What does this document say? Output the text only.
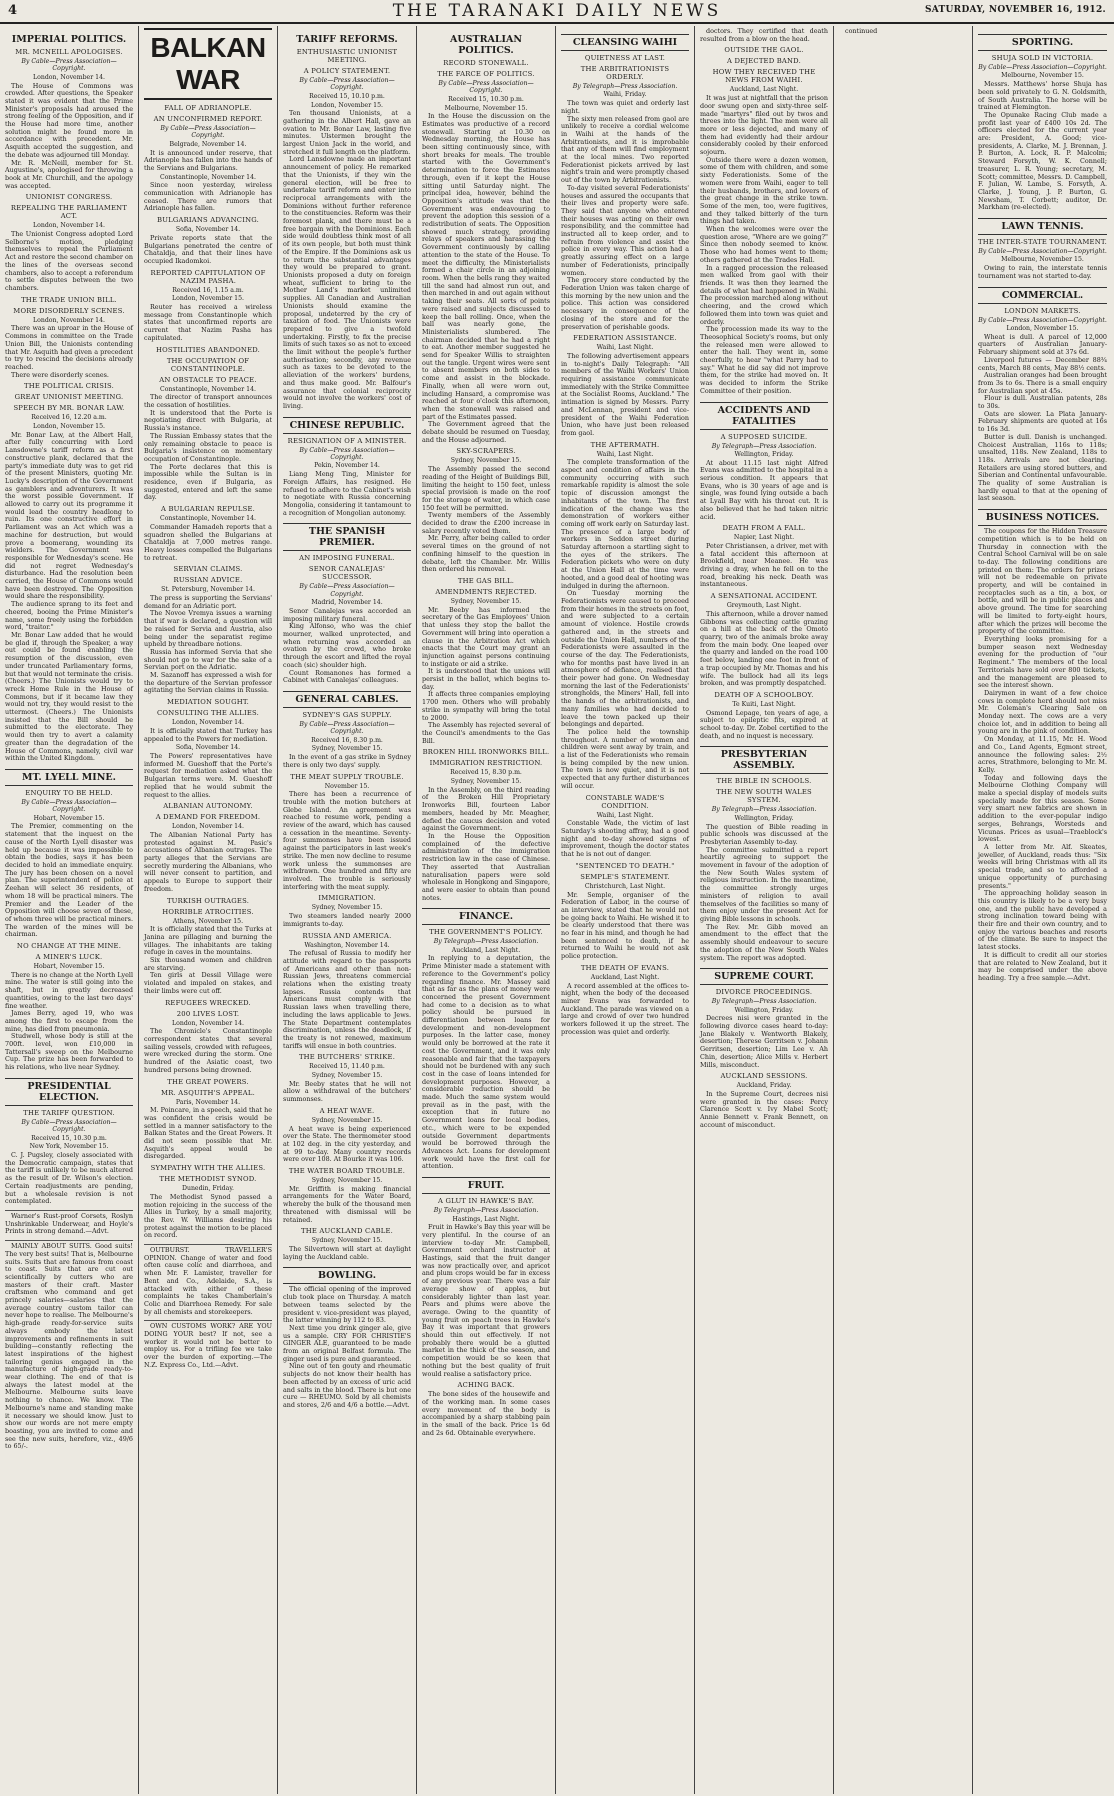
4	THE TARANAKI DAILY NEWS	SATURDAY, NOVEMBER 16, 1912.
IMPERIAL POLITICS.
MR. MCNEILL APOLOGISES.
By Cable—Press Association—Copyright.
London, November 14.
The House of Commons was crowded. After questions, the Speaker stated it was evident that the Prime Minister's proposals had aroused the strong feeling of the Opposition, and if the House had more time, another solution might be found more in accordance with precedent. Mr. Asquith accepted the suggestion, and the debate was adjourned till Monday.
Mr. R. McNeill, member for St. Augustine's, apologised for throwing a book at Mr. Churchill, and the apology was accepted.
UNIONIST CONGRESS.
REPEALING THE PARLIAMENT ACT.
London, November 14.
The Unionist Congress adopted Lord Selborne's motion, pledging themselves to repeal the Parliament Act and restore the second chamber on the lines of the overseas second chambers, also to accept a referendum to settle disputes between the two chambers.
THE TRADE UNION BILL.
MORE DISORDERLY SCENES.
London, November 14.
There was an uproar in the House of Commons in committee on the Trade Union Bill, the Unionists contending that Mr. Asquith had given a precedent to try to rescind the decisions already reached.
There were disorderly scenes.
THE POLITICAL CRISIS.
GREAT UNIONIST MEETING.
SPEECH BY MR. BONAR LAW.
Received 16, 12.20 a.m.
London, November 15.
Mr. Bonar Law, at the Albert Hall, after fully concurring with Lord Lansdowne's tariff reform as a first constructive plank, declared that the party's immediate duty was to get rid of the present Ministers, quoting Mr. Lucky's description of the Government as gamblers and adventurers. It was the worst possible Government. If allowed to carry out its programme it would lead the country headlong to ruin. Its one constructive effort in Parliament was an Act which was a machine for destruction, but would prove a boomerang, wounding its wielders. The Government was responsible for Wednesday's scene. He did not regret Wednesday's disturbance. Had the resolution been carried, the House of Commons would have been destroyed. The Opposition would share the responsibility.
The audience sprang to its feet and cheered, booing the Prime Minister's name, some freely using the forbidden word, "traitor."
Mr. Bonar Law added that he would be glad if, through the Speaker, a way out could be found enabling the resumption of the discussion, even under truncated Parliamentary forms, but that would not terminate the crisis. (Cheers.) The Unionists would try to wreck Home Rule in the House of Commons, but if it became law they would not try, they would resist to the uttermost. (Cheers.) The Unionists insisted that the Bill should be submitted to the electorate. They would then try to avert a calamity greater than the degradation of the House of Commons, namely, civil war within the United Kingdom.
MT. LYELL MINE.
ENQUIRY TO BE HELD.
By Cable—Press Association—Copyright.
Hobart, November 15.
The Premier, commenting on the statement that the inquest on the cause of the North Lyell disaster was held up because it was impossible to obtain the bodies, says it has been decided to hold an immediate enquiry. The jury has been chosen on a novel plan. The superintendent of police at Zeehan will select 36 residents, of whom 18 will be practical miners. The Premier and the Leader of the Opposition will choose seven of these, of whom three will be practical miners. The warden of the mines will be chairman.
NO CHANGE AT THE MINE.
A MINER'S LUCK.
Hobart, November 15.
There is no change at the North Lyell mine. The water is still going into the shaft, but in greatly decreased quantities, owing to the last two days' fine weather.
James Berry, aged 19, who was among the first to escape from the mine, has died from pneumonia.
Studwell, whose body is still at the 700ft. level, won £10,000 in Tattersall's sweep on the Melbourne Cup. The prize has been forwarded to his relations, who live near Sydney.
PRESIDENTIAL ELECTION.
THE TARIFF QUESTION.
By Cable—Press Association—Copyright.
Received 15, 10.30 p.m.
New York, November 15.
C. J. Pugsley, closely associated with the Democratic campaign, states that the tariff is unlikely to be much altered as the result of Dr. Wilson's election. Certain readjustments are pending, but a wholesale revision is not contemplated.
Warner's Rust-proof Corsets, Roslyn Unshrinkable Underwear, and Hoyle's Prints in strong demand.—Advt.
MAINLY ABOUT SUITS. Good suits! The very best suits! That is, Melbourne suits. Suits that are famous from coast to coast. Suits that are cut out scientifically by cutters who are masters of their craft. Master craftsmen who command and get princely salaries—salaries that the average country custom tailor can never hope to realise. The Melbourne's high-grade ready-for-service suits always embody the latest improvements and refinements in suit building—constantly reflecting the latest inspirations of the highest tailoring genius engaged in the manufacture of high-grade ready-to-wear clothing. The end of that is always the latest model at the Melbourne. Melbourne suits leave nothing to chance. We know. The Melbourne's name and standing make it necessary we should know. Just to show our words are not mere empty boasting, you are invited to come and see the new suits, herefore, viz., 49/6 to 65/-.
BALKAN WAR
FALL OF ADRIANOPLE.
AN UNCONFIRMED REPORT.
By Cable—Press Association—Copyright.
Belgrade, November 14.
It is announced under reserve, that Adrianople has fallen into the hands of the Servians and Bulgarians.
Constantinople, November 14.
Since noon yesterday, wireless communication with Adrianople has ceased. There are rumors that Adrianople has fallen.
BULGARIANS ADVANCING.
Sofia, November 14.
Private reports state that the Bulgarians penetrated the centre of Chataldja, and that their lines have occupied Ikadomkoi.
REPORTED CAPITULATION OF NAZIM PASHA.
Received 16, 1.15 a.m.
London, November 15.
Reuter has received a wireless message from Constantinople which states that unconfirmed reports are current that Nazim Pasha has capitulated.
HOSTILITIES ABANDONED.
THE OCCUPATION OF CONSTANTINOPLE.
AN OBSTACLE TO PEACE.
Constantinople, November 14.
The director of transport announces the cessation of hostilities.
It is understood that the Porte is negotiating direct with Bulgaria, at Russia's instance.
The Russian Embassy states that the only remaining obstacle to peace is Bulgaria's insistence on momentary occupation of Constantinople.
The Porte declares that this is impossible while the Sultan is in residence, even if Bulgaria, as suggested, entered and left the same day.
A BULGARIAN REPULSE.
Constantinople, November 14.
Commander Hamadeh reports that a squadron shelled the Bulgarians at Chataldja at 7,000 metres range. Heavy losses compelled the Bulgarians to retreat.
SERVIAN CLAIMS.
RUSSIAN ADVICE.
St. Petersburg, November 14.
The press is supporting the Servians' demand for an Adriatic port.
The Novoe Vremya issues a warning that if war is declared, a question will be raised for Servia and Austria, also being under the separatist regime upheld by threadbare notions.
Russia has informed Servia that she should not go to war for the sake of a Servian port on the Adriatic.
M. Sazanoff has expressed a wish for the departure of the Servian professor agitating the Servian claims in Russia.
MEDIATION SOUGHT.
CONSULTING THE ALLIES.
London, November 14.
It is officially stated that Turkey has appealed to the Powers for mediation.
Sofia, November 14.
The Powers' representatives have informed M. Gueshoff that the Porte's request for mediation asked what the Bulgarian terms were. M. Gueshoff replied that he would submit the request to the allies.
ALBANIAN AUTONOMY.
A DEMAND FOR FREEDOM.
London, November 14.
The Albanian National Party has protested against M. Pasic's accusations of Albanian outrages. The party alleges that the Servians are secretly murdering the Albanians, who will never consent to partition, and appeals to Europe to support their freedom.
TURKISH OUTRAGES.
HORRIBLE ATROCITIES.
Athens, November 15.
It is officially stated that the Turks at Janina are pillaging and burning the villages. The inhabitants are taking refuge in caves in the mountains.
Six thousand women and children are starving.
Ten girls at Dessil Village were violated and impaled on stakes, and their limbs were cut off.
REFUGEES WRECKED.
200 LIVES LOST.
London, November 14.
The Chronicle's Constantinople correspondent states that several sailing vessels, crowded with refugees, were wrecked during the storm. One hundred of the Asiatic coast, two hundred persons being drowned.
THE GREAT POWERS.
MR. ASQUITH'S APPEAL.
Paris, November 14.
M. Poincare, in a speech, said that he was confident the crisis would be settled in a manner satisfactory to the Balkan States and the Great Powers. It did not seem possible that Mr. Asquith's appeal would be disregarded.
SYMPATHY WITH THE ALLIES.
THE METHODIST SYNOD.
Dunedin, Friday.
The Methodist Synod passed a motion rejoicing in the success of the Allies in Turkey, by a small majority, the Rev. W. Williams desiring his protest against the motion to be placed on record.
OUTBURST. TRAVELLER'S OPINION. Change of water and food often cause colic and diarrhoea, and when Mr. F. Lamister, traveller for Bent and Co., Adelaide, S.A., is attacked with either of these complaints he takes Chamberlain's Colic and Diarrhoea Remedy. For sale by all chemists and storekeepers.
OWN CUSTOMS WORK? ARE YOU DOING YOUR best? If not, see a worker it would not be better to employ us. For a trifling fee we take over the burden of exporting.—The N.Z. Express Co., Ltd.—Advt.
TARIFF REFORMS.
ENTHUSIASTIC UNIONIST MEETING.
A POLICY STATEMENT.
By Cable—Press Association—Copyright.
Received 15, 10.10 p.m.
London, November 15.
Ten thousand Unionists, at a gathering in the Albert Hall, gave an ovation to Mr. Bonar Law, lasting five minutes. Ulstermen brought the largest Union Jack in the world, and stretched it full length on the platform.
Lord Lansdowne made an important announcement of policy. He remarked that the Unionists, if they win the general election, will be free to undertake tariff reform and enter into reciprocal arrangements with the Dominions without further reference to the constituencies. Reform was their foremost plank, and there must be a free bargain with the Dominions. Each side would doubtless think most of all of its own people, but both must think of the Empire. If the Dominions ask us to return the substantial advantages they would be prepared to grant. Unionists proposed a duty on foreign wheat, sufficient to bring to the Mother Land's market unlimited supplies. All Canadian and Australian Unionists should examine the proposal, undeterred by the cry of taxation of food. The Unionists were prepared to give a twofold undertaking. Firstly, to fix the precise limits of such taxes so as not to exceed the limit without the people's further authorisation; secondly, any revenue such as taxes to be devoted to the alleviation of the workers' burdens, and thus make good. Mr. Balfour's assurance that colonial reciprocity would not involve the workers' cost of living.
CHINESE REPUBLIC.
RESIGNATION OF A MINISTER.
By Cable—Press Association—Copyright.
Pekin, November 14.
Liang Meng Ting, Minister for Foreign Affairs, has resigned. He refused to adhere to the Cabinet's wish to negotiate with Russia concerning Mongolia, considering it tantamount to a recognition of Mongolian autonomy.
THE SPANISH PREMIER.
AN IMPOSING FUNERAL.
SENOR CANALEJAS' SUCCESSOR.
By Cable—Press Association—Copyright.
Madrid, November 14.
Senor Canalejas was accorded an imposing military funeral.
King Alfonso, who was the chief mourner, walked unprotected, and when returning was accorded an ovation by the crowd, who broke through the escort and lifted the royal coach (sic) shoulder high.
Count Romanones has formed a Cabinet with Canalejas' colleagues.
GENERAL CABLES.
SYDNEY'S GAS SUPPLY.
By Cable—Press Association—Copyright.
Received 16, 8.30 p.m.
Sydney, November 15.
In the event of a gas strike in Sydney there is only two days' supply.
THE MEAT SUPPLY TROUBLE.
November 15.
There has been a recurrence of trouble with the motion butchers at Glebe Island. An agreement was reached to resume work, pending a review of the award, which has caused a cessation in the meantime. Seventy-four summonses have been issued against the participators in last week's strike. The men now decline to resume work unless the summonses are withdrawn. One hundred and fifty are involved. The trouble is seriously interfering with the meat supply.
IMMIGRATION.
Sydney, November 15.
Two steamers landed nearly 2000 immigrants to-day.
RUSSIA AND AMERICA.
Washington, November 14.
The refusal of Russia to modify her attitude with regard to the passports of Americans and other than non-Russian Jews, threatens commercial relations when the existing treaty lapses. Russia contends that Americans must comply with the Russian laws when travelling there, including the laws applicable to Jews. The State Department contemplates discrimination, unless the deadlock, if the treaty is not renewed, maximum tariffs will ensue in both countries.
THE BUTCHERS' STRIKE.
Received 15, 11.40 p.m.
Sydney, November 15.
Mr. Beeby states that he will not allow a withdrawal of the butchers' summonses.
A HEAT WAVE.
Sydney, November 15.
A heat wave is being experienced over the State. The thermometer stood at 102 deg. in the city yesterday, and at 99 to-day. Many country records were over 108. At Bourke it was 106.
THE WATER BOARD TROUBLE.
Sydney, November 15.
Mr. Griffith is making financial arrangements for the Water Board, whereby the bulk of the thousand men threatened with dismissal will be retained.
THE AUCKLAND CABLE.
Sydney, November 15.
The Silvertown will start at daylight laying the Auckland cable.
BOWLING.
The official opening of the improved club took place on Thursday. A match between teams selected by the president v. vice-president was played, the latter winning by 112 to 83.
Next time you drink ginger ale, give us a sample. CRY FOR CHRISTIE'S GINGER ALE, guaranteed to be made from an original Belfast formula. The ginger used is pure and guaranteed.
Nine out of ten gouty and rheumatic subjects do not know their health has been affected by an excess of uric acid and salts in the blood. There is but one cure — RHEUMO. Sold by all chemists and stores, 2/6 and 4/6 a bottle.—Advt.
AUSTRALIAN POLITICS.
RECORD STONEWALL.
THE FARCE OF POLITICS.
By Cable—Press Association—Copyright.
Received 15, 10.30 p.m.
Melbourne, November 15.
In the House the discussion on the Estimates was productive of a record stonewall. Starting at 10.30 on Wednesday morning, the House has been sitting continuously since, with short breaks for meals. The trouble started with the Government's determination to force the Estimates through, even if it kept the House sitting until Saturday night. The principal idea, however, behind the Opposition's attitude was that the Government was endeavouring to prevent the adoption this session of a redistribution of seats. The Opposition showed much strategy, providing relays of speakers and harassing the Government continuously by calling attention to the state of the House. To meet the difficulty, the Ministerialists formed a chair circle in an adjoining room. When the bells rang they waited till the sand had almost run out, and then marched in and out again without taking their seats. All sorts of points were raised and subjects discussed to keep the ball rolling. Once, when the ball was nearly gone, the Ministerialists slumbered. The chairman decided that he had a right to eat. Another member suggested he send for Speaker Willis to straighten out the tangle. Urgent wires were sent to absent members on both sides to come and assist in the blockade. Finally, when all were worn out, including Hansard, a compromise was reached at four o'clock this afternoon, when the stonewall was raised and part of the Estimates passed.
The Government agreed that the debate should be resumed on Tuesday, and the House adjourned.
SKY-SCRAPERS.
Sydney, November 15.
The Assembly passed the second reading of the Height of Buildings Bill, limiting the height to 150 feet, unless special provision is made on the roof for the storage of water, in which case 150 feet will be permitted.
Twenty members of the Assembly decided to draw the £200 increase in salary recently voted them.
Mr. Perry, after being called to order several times on the ground of not confining himself to the question in debate, left the Chamber. Mr. Willis then ordered his removal.
THE GAS BILL.
AMENDMENTS REJECTED.
Sydney, November 15.
Mr. Beeby has informed the secretary of the Gas Employees' Union that unless they stop the ballot the Government will bring into operation a clause in the Arbitration Act which enacts that the Court may grant an injunction against persons continuing to instigate or aid a strike.
It is understood that the unions will persist in the ballot, which begins to-day.
It affects three companies employing 1700 men. Others who will probably strike in sympathy will bring the total to 2000.
The Assembly has rejected several of the Council's amendments to the Gas Bill.
BROKEN HILL IRONWORKS BILL.
IMMIGRATION RESTRICTION.
Received 15, 8.30 p.m.
Sydney, November 15.
In the Assembly, on the third reading of the Broken Hill Proprietary Ironworks Bill, fourteen Labor members, headed by Mr. Meagher, defied the caucus decision and voted against the Government.
In the House the Opposition complained of the defective administration of the immigration restriction law in the case of Chinese. They asserted that Australian naturalisation papers were sold wholesale in Hongkong and Singapore, and were easier to obtain than pound notes.
FINANCE.
THE GOVERNMENT'S POLICY.
By Telegraph—Press Association.
Auckland, Last Night.
In replying to a deputation, the Prime Minister made a statement with reference to the Government's policy regarding finance. Mr. Massey said that as far as the plans of money were concerned the present Government had come to a decision as to what policy should be pursued in differentiation between loans for development and non-development purposes. In the latter case, money would only be borrowed at the rate it cost the Government, and it was only reasonable and fair that the taxpayers should not be burdened with any such cost in the case of loans intended for development purposes. However, a considerable reduction should be made. Much the same system would prevail as in the past, with the exception that in future no Government loans for local bodies, etc., which were to be expended outside Government departments would be borrowed through the Advances Act. Loans for development work would have the first call for attention.
FRUIT.
A GLUT IN HAWKE'S BAY.
By Telegraph—Press Association.
Hastings, Last Night.
Fruit in Hawke's Bay this year will be very plentiful. In the course of an interview to-day Mr. Campbell, Government orchard instructor at Hastings, said that the fruit danger was now practically over, and apricot and plum crops would be far in excess of any previous year. There was a fair average show of apples, but considerably lighter than last year. Pears and plums were above the average. Owing to the quantity of young fruit on peach trees in Hawke's Bay it was important that growers should thin out effectively. If not probably there would be a glutted market in the thick of the season, and competition would be so keen that nothing but the best quality of fruit would realise a satisfactory price.
ACHING BACK.
The bone sides of the housewife and of the working man. In some cases every movement of the body is accompanied by a sharp stabbing pain in the small of the back. Price 1s 6d and 2s 6d. Obtainable everywhere.
CLEANSING WAIHI
QUIETNESS AT LAST.
THE ARBITRATIONISTS ORDERLY.
By Telegraph—Press Association.
Waihi, Friday.
The town was quiet and orderly last night.
The sixty men released from gaol are unlikely to receive a cordial welcome in Waihi at the hands of the Arbitrationists, and it is improbable that any of them will find employment at the local mines. Two reported Federationist pickets arrived by last night's train and were promptly chased out of the town by Arbitrationists.
To-day visited several Federationists' houses and assured the occupants that their lives and property were safe. They said that anyone who entered their houses was acting on their own responsibility, and the committee had instructed all to keep order, and to refrain from violence and assist the police in every way. This action had a greatly assuring effect on a large number of Federationists, principally women.
The grocery store conducted by the Federation Union was taken charge of this morning by the new union and the police. This action was considered necessary in consequence of the closing of the store and for the preservation of perishable goods.
FEDERATION ASSISTANCE.
Waihi, Last Night.
The following advertisement appears in to-night's Daily Telegraph: "All members of the Waihi Workers' Union requiring assistance communicate immediately with the Strike Committee at the Socialist Rooms, Auckland." The intimation is signed by Messrs. Parry and McLennan, president and vice-president of the Waihi Federation Union, who have just been released from gaol.
THE AFTERMATH.
Waihi, Last Night.
The complete transformation of the aspect and condition of affairs in the community occurring with such remarkable rapidity is almost the sole topic of discussion amongst the inhabitants of the town. The first indication of the change was the demonstration of workers either coming off work early on Saturday last. The presence of a large body of workers in Seddon street during Saturday afternoon a startling sight to the eyes of the strikers. The Federation pickets who were on duty at the Union Hall at the time were hooted, and a good deal of hooting was indulged in during the afternoon.
On Tuesday morning the Federationists were caused to proceed from their homes in the streets on foot, and were subjected to a certain amount of violence. Hostile crowds gathered and, in the streets and outside the Union Hall, numbers of the Federationists were assaulted in the course of the day. The Federationists, who for months past have lived in an atmosphere of defiance, realised that their power had gone. On Wednesday morning the last of the Federationists' strongholds, the Miners' Hall, fell into the hands of the arbitrationists, and many families who had decided to leave the town packed up their belongings and departed.
The police held the township throughout. A number of women and children were sent away by train, and a list of the Federationists who remain is being compiled by the new union. The town is now quiet, and it is not expected that any further disturbances will occur.
CONSTABLE WADE'S CONDITION.
Waihi, Last Night.
Constable Wade, the victim of last Saturday's shooting affray, had a good night and to-day showed signs of improvement, though the doctor states that he is not out of danger.
"SENTENCED TO DEATH."
SEMPLE'S STATEMENT.
Christchurch, Last Night.
Mr. Semple, organiser of the Federation of Labor, in the course of an interview, stated that he would not be going back to Waihi. He wished it to be clearly understood that there was no fear in his mind, and though he had been sentenced to death, if he returned to Waihi he would not ask police protection.
THE DEATH OF EVANS.
Auckland, Last Night.
A record assembled at the offices to-night, when the body of the deceased miner Evans was forwarded to Auckland. The parade was viewed on a large and crowd of over two hundred workers followed it up the street. The procession was quiet and orderly.
doctors. They certified that death resulted from a blow on the head.
OUTSIDE THE GAOL.
A DEJECTED BAND.
HOW THEY RECEIVED THE NEWS FROM WAIHI.
Auckland, Last Night.
It was just at nightfall that the prison door swung open and sixty-three self-made "martyrs" filed out by twos and threes into the light. The men were all more or less dejected, and many of them had evidently had their ardour considerably cooled by their enforced sojourn.
Outside there were a dozen women, some of them with children, and some sixty Federationists. Some of the women were from Waihi, eager to tell their husbands, brothers, and lovers of the great change in the strike town. Some of the men, too, were fugitives, and they talked bitterly of the turn things had taken.
When the welcomes were over the question arose, "Where are we going?" Since then nobody seemed to know. Those who had homes went to them; others gathered at the Trades Hall.
In a ragged procession the released men walked from gaol with their friends. It was then they learned the details of what had happened in Waihi. The procession marched along without cheering, and the crowd which followed them into town was quiet and orderly.
The procession made its way to the Theosophical Society's rooms, but only the released men were allowed to enter the hall. They went in, some cheerfully, to hear "what Parry had to say." What he did say did not improve them, for the strike had moved on. It was decided to inform the Strike Committee of their position.
ACCIDENTS AND FATALITIES
A SUPPOSED SUICIDE.
By Telegraph—Press Association.
Wellington, Friday.
At about 11.15 last night Alfred Evans was admitted to the hospital in a serious condition. It appears that Evans, who is 30 years of age and is single, was found lying outside a bach at Lyall Bay with his throat cut. It is also believed that he had taken nitric acid.
DEATH FROM A FALL.
Napier, Last Night.
Peter Christiansen, a driver, met with a fatal accident this afternoon at Brookfield, near Meanee. He was driving a dray, when he fell on to the road, breaking his neck. Death was instantaneous.
A SENSATIONAL ACCIDENT.
Greymouth, Last Night.
This afternoon, while a drover named Gibbons was collecting cattle grazing on a hill at the back of the Omoto quarry, two of the animals broke away from the main body. One leaped over the quarry and landed on the road 100 feet below, landing one foot in front of a trap occupied by Mr. Thomas and his wife. The bullock had all its legs broken, and was promptly despatched.
DEATH OF A SCHOOLBOY.
Te Kuiti, Last Night.
Osmond Lepage, ten years of age, a subject to epileptic fits, expired at school to-day. Dr. Zobel certified to the death, and no inquest is necessary.
PRESBYTERIAN ASSEMBLY.
THE BIBLE IN SCHOOLS.
THE NEW SOUTH WALES SYSTEM.
By Telegraph—Press Association.
Wellington, Friday.
The question of Bible reading in public schools was discussed at the Presbyterian Assembly to-day.
The committee submitted a report heartily agreeing to support the movement in favour of the adoption of the New South Wales system of religious instruction. In the meantime, the committee strongly urges ministers of religion to avail themselves of the facilities so many of them enjoy under the present Act for giving Bible lessons in schools.
The Rev. Mr. Gibb moved an amendment to the effect that the assembly should endeavour to secure the adoption of the New South Wales system. The report was adopted.
SUPREME COURT.
DIVORCE PROCEEDINGS.
By Telegraph—Press Association.
Wellington, Friday.
Decrees nisi were granted in the following divorce cases heard to-day: Jane Blakely v. Wentworth Blakely, desertion; Therese Gerritsen v. Johann Gerritsen, desertion; Lim Lee v. Ah Chin, desertion; Alice Mills v. Herbert Mills, misconduct.
AUCKLAND SESSIONS.
Auckland, Friday.
In the Supreme Court, decrees nisi were granted in the cases: Percy Clarence Scott v. Ivy Mabel Scott; Annie Bennett v. Frank Bennett, on account of misconduct.
continued
SPORTING.
SHUJA SOLD IN VICTORIA.
By Cable—Press Association—Copyright.
Melbourne, November 15.
Messrs. Matthews' horse Shuja has been sold privately to G. N. Goldsmith, of South Australia. The horse will be trained at Flemington.
The Opunake Racing Club made a profit last year of £400 10s 2d. The officers elected for the current year are: President, A. Good; vice-presidents, A. Clarke, M. J. Brennan, J. P. Burton, A. Lock, R. P. Malcolm; Steward Forsyth, W. K. Connell; treasurer, L. R. Young; secretary, M. Scott; committee, Messrs. D. Campbell, F. Julian, W. Lambe, S. Forsyth, A. Clarke, J. Young, J. P. Burton, G. Newsham, T. Corbett; auditor, Dr. Markham (re-elected).
LAWN TENNIS.
THE INTER-STATE TOURNAMENT.
By Cable—Press Association—Copyright.
Melbourne, November 15.
Owing to rain, the interstate tennis tournament was not started to-day.
COMMERCIAL.
LONDON MARKETS.
By Cable—Press Association—Copyright.
London, November 15.
Wheat is dull. A parcel of 12,000 quarters of Australian January-February shipment sold at 37s 6d.
Liverpool futures — December 88¾ cents, March 88 cents, May 88½ cents.
Australian oranges had been brought from 3s to 6s. There is a small enquiry for Australian spot at 45s.
Flour is dull. Australian patents, 28s to 30s.
Oats are slower. La Plata January-February shipments are quoted at 16s to 16s 3d.
Butter is dull. Danish is unchanged. Choicest Australian, 116s to 118s; unsalted, 118s. New Zealand, 118s to 118s. Arrivals are not clearing. Retailers are using stored butters, and Siberian and Continental unfavourable. The quality of some Australian is hardly equal to that at the opening of last season.
BUSINESS NOTICES.
The coupons for the Hidden Treasure competition which is to be held on Thursday in connection with the Central School Carnival will be on sale to-day. The following conditions are printed on them: The orders for prizes will not be redeemable on private property, and will be contained in receptacles such as a tin, a box, or bottle, and will be in public places and above ground. The time for searching will be limited to forty-eight hours, after which the prizes will become the property of the committee.
Everything looks promising for a bumper season next Wednesday evening for the production of "our Regiment." The members of the local Territorials have sold over 800 tickets, and the management are pleased to see the interest shown.
Dairymen in want of a few choice cows in complete herd should not miss Mr. Coleman's Clearing Sale on Monday next. The cows are a very choice lot, and in addition to being all young are in the pink of condition.
On Monday, at 11.15, Mr. H. Wood and Co., Land Agents, Egmont street, announce the following sales: 2½ acres, Strathmore, belonging to Mr. M. Kelly.
Today and following days the Melbourne Clothing Company will make a special display of models suits specially made for this season. Some very smart new fabrics are shown in addition to the ever-popular indigo serges, Behrangs, Worsteds and Vicunas. Prices as usual—Traeblock's lowest.
A letter from Mr. Alf. Skeates, jeweller, of Auckland, reads thus: "Six weeks will bring Christmas with all its special trade, and so to afforded a unique opportunity of purchasing presents."
The approaching holiday season in this country is likely to be a very busy one, and the public have developed a strong inclination toward being with their fire and their own country, and to enjoy the various beaches and resorts of the climate. Be sure to inspect the latest stocks.
It is difficult to credit all our stories that are related to New Zealand, but it may be comprised under the above heading. Try a free sample.—Advt.
